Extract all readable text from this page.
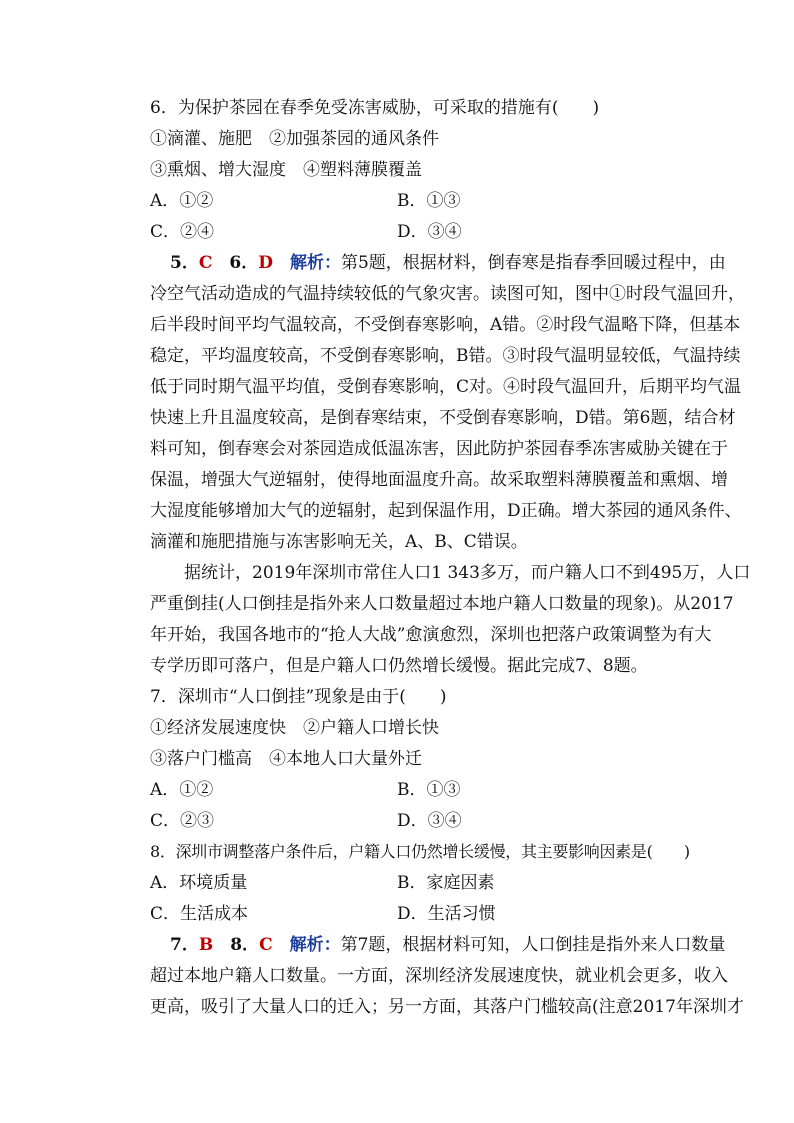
6．为保护茶园在春季免受冻害威胁，可采取的措施有(　　)
①滴灌、施肥　②加强茶园的通风条件
③熏烟、增大湿度　④塑料薄膜覆盖
A．①②	B．①③
C．②④	D．③④
5．C　 6．D　 解析：第5题，根据材料，倒春寒是指春季回暖过程中，由
冷空气活动造成的气温持续较低的气象灾害。读图可知，图中①时段气温回升，
后半段时间平均气温较高，不受倒春寒影响，A错。②时段气温略下降，但基本
稳定，平均温度较高，不受倒春寒影响，B错。③时段气温明显较低，气温持续
低于同时期气温平均值，受倒春寒影响，C对。④时段气温回升，后期平均气温
快速上升且温度较高，是倒春寒结束，不受倒春寒影响，D错。第6题，结合材
料可知，倒春寒会对茶园造成低温冻害，因此防护茶园春季冻害威胁关键在于
保温，增强大气逆辐射，使得地面温度升高。故采取塑料薄膜覆盖和熏烟、增
大湿度能够增加大气的逆辐射，起到保温作用，D正确。增大茶园的通风条件、
滴灌和施肥措施与冻害影响无关，A、B、C错误。
据统计，2019年深圳市常住人口1 343多万，而户籍人口不到495万，人口
严重倒挂(人口倒挂是指外来人口数量超过本地户籍人口数量的现象)。从2017
年开始，我国各地市的“抢人大战”愈演愈烈，深圳也把落户政策调整为有大
专学历即可落户，但是户籍人口仍然增长缓慢。据此完成7、8题。
7．深圳市“人口倒挂”现象是由于(　　)
①经济发展速度快　②户籍人口增长快
③落户门槛高　④本地人口大量外迁
A．①②	B．①③
C．②③	D．③④
8．深圳市调整落户条件后，户籍人口仍然增长缓慢，其主要影响因素是(　　)
A．环境质量	B．家庭因素
C．生活成本	D．生活习惯
7．B　 8．C　 解析：第7题，根据材料可知，人口倒挂是指外来人口数量
超过本地户籍人口数量。一方面，深圳经济发展速度快，就业机会更多，收入
更高，吸引了大量人口的迁入；另一方面，其落户门槛较高(注意2017年深圳才
